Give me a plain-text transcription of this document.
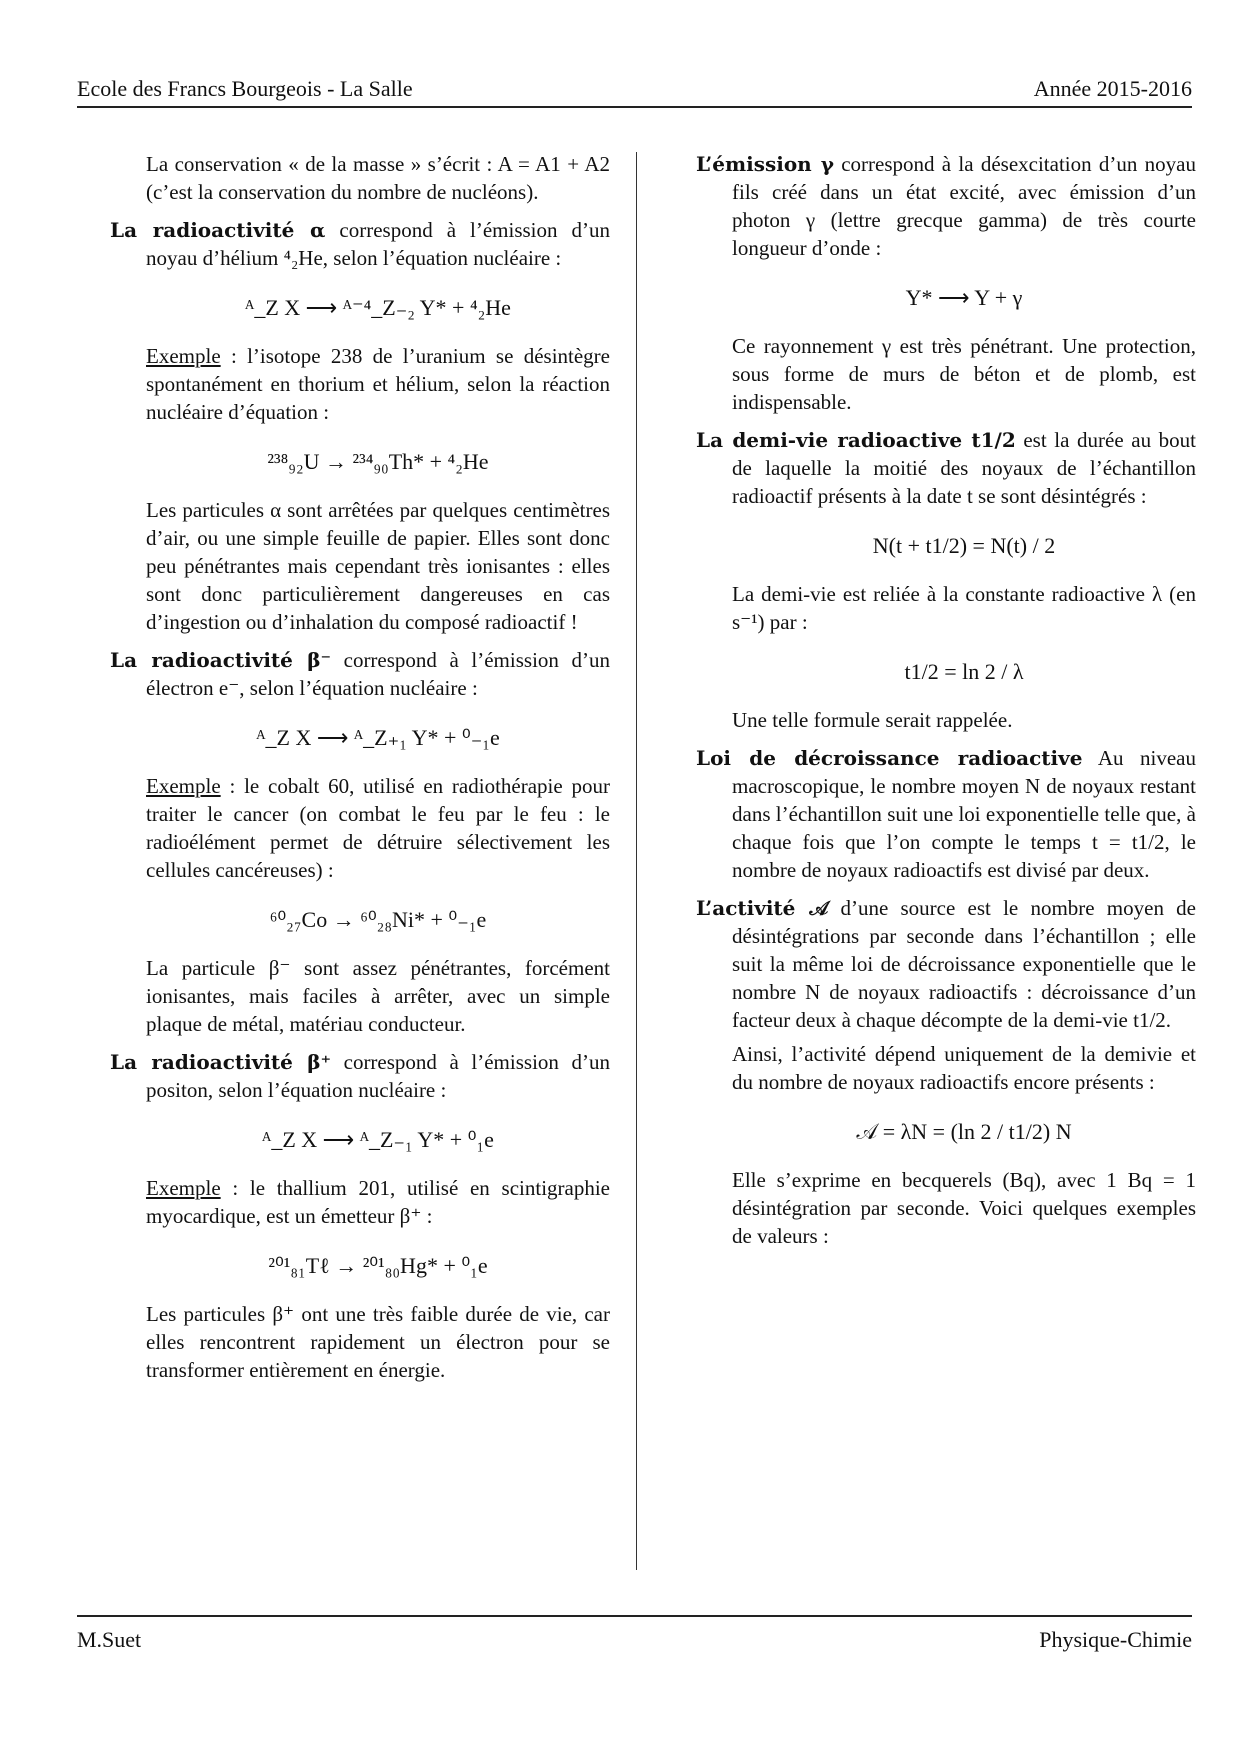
Ecole des Francs Bourgeois - La Salle	Année 2015-2016

La conservation « de la masse » s’écrit : A = A1 + A2 (c’est la conservation du nombre de nucléons).

La radioactivité α correspond à l’émission d’un noyau d’hélium ⁴₂He, selon l’équation nucléaire :

ᴬ_Z X ⟶ ᴬ⁻⁴_Z₋₂ Y* + ⁴₂He

Exemple : l’isotope 238 de l’uranium se désintègre spontanément en thorium et hélium, selon la réaction nucléaire d’équation :

²³⁸₉₂U → ²³⁴₉₀Th* + ⁴₂He

Les particules α sont arrêtées par quelques centimètres d’air, ou une simple feuille de papier. Elles sont donc peu pénétrantes mais cependant très ionisantes : elles sont donc particulièrement dangereuses en cas d’ingestion ou d’inhalation du composé radioactif !

La radioactivité β⁻ correspond à l’émission d’un électron e⁻, selon l’équation nucléaire :

ᴬ_Z X ⟶ ᴬ_Z₊₁ Y* + ⁰₋₁e

Exemple : le cobalt 60, utilisé en radiothérapie pour traiter le cancer (on combat le feu par le feu : le radioélément permet de détruire sélectivement les cellules cancéreuses) :

⁶⁰₂₇Co → ⁶⁰₂₈Ni* + ⁰₋₁e

La particule β⁻ sont assez pénétrantes, forcément ionisantes, mais faciles à arrêter, avec un simple plaque de métal, matériau conducteur.

La radioactivité β⁺ correspond à l’émission d’un positon, selon l’équation nucléaire :

ᴬ_Z X ⟶ ᴬ_Z₋₁ Y* + ⁰₁e

Exemple : le thallium 201, utilisé en scintigraphie myocardique, est un émetteur β⁺ :

²⁰¹₈₁Tℓ → ²⁰¹₈₀Hg* + ⁰₁e

Les particules β⁺ ont une très faible durée de vie, car elles rencontrent rapidement un électron pour se transformer entièrement en énergie.

L’émission γ correspond à la désexcitation d’un noyau fils créé dans un état excité, avec émission d’un photon γ (lettre grecque gamma) de très courte longueur d’onde :

Y* ⟶ Y + γ

Ce rayonnement γ est très pénétrant. Une protection, sous forme de murs de béton et de plomb, est indispensable.

La demi-vie radioactive t1/2 est la durée au bout de laquelle la moitié des noyaux de l’échantillon radioactif présents à la date t se sont désintégrés :

N(t + t1/2) = N(t) / 2

La demi-vie est reliée à la constante radioactive λ (en s⁻¹) par :

t1/2 = ln 2 / λ

Une telle formule serait rappelée.

Loi de décroissance radioactive Au niveau macroscopique, le nombre moyen N de noyaux restant dans l’échantillon suit une loi exponentielle telle que, à chaque fois que l’on compte le temps t = t1/2, le nombre de noyaux radioactifs est divisé par deux.

L’activité 𝒜 d’une source est le nombre moyen de désintégrations par seconde dans l’échantillon ; elle suit la même loi de décroissance exponentielle que le nombre N de noyaux radioactifs : décroissance d’un facteur deux à chaque décompte de la demi-vie t1/2.

Ainsi, l’activité dépend uniquement de la demivie et du nombre de noyaux radioactifs encore présents :

𝒜 = λN = (ln 2 / t1/2) N

Elle s’exprime en becquerels (Bq), avec 1 Bq = 1 désintégration par seconde. Voici quelques exemples de valeurs :

M.Suet	Physique-Chimie
